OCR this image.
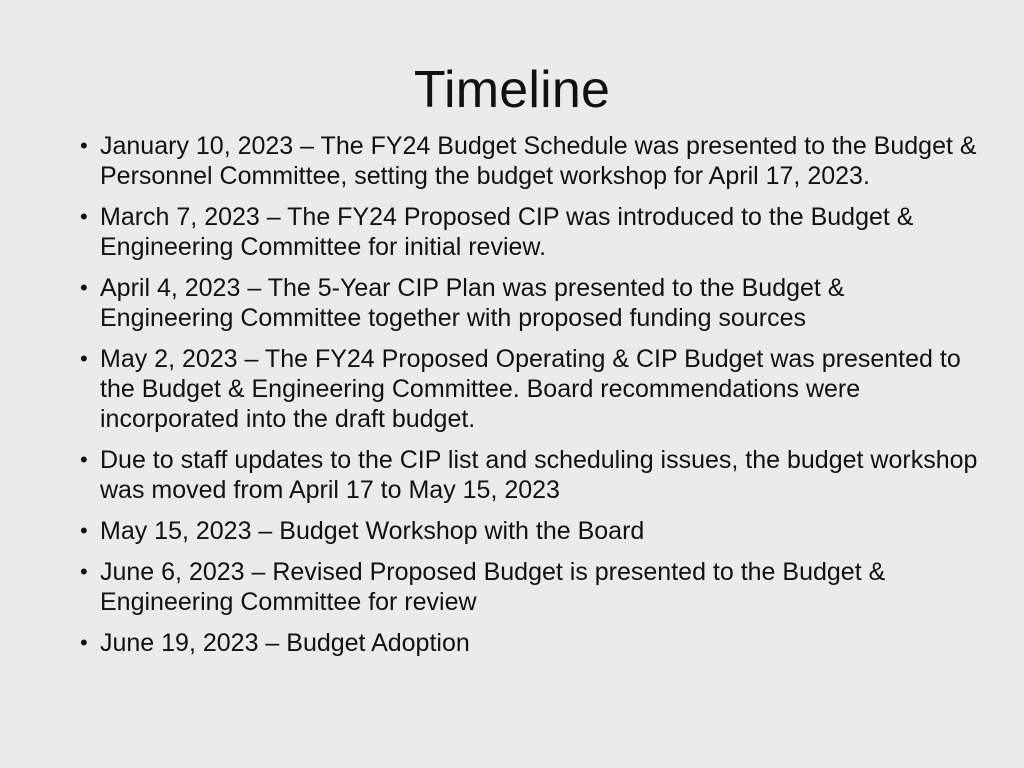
Timeline
• January 10, 2023 – The FY24 Budget Schedule was presented to the Budget & Personnel Committee, setting the budget workshop for April 17, 2023.
• March 7, 2023 – The FY24 Proposed CIP was introduced to the Budget & Engineering Committee for initial review.
• April 4, 2023 – The 5-Year CIP Plan was presented to the Budget & Engineering Committee together with proposed funding sources
• May 2, 2023 – The FY24 Proposed Operating & CIP Budget was presented to the Budget & Engineering Committee. Board recommendations were incorporated into the draft budget.
• Due to staff updates to the CIP list and scheduling issues, the budget workshop was moved from April 17 to May 15, 2023
• May 15, 2023 – Budget Workshop with the Board
• June 6, 2023 – Revised Proposed Budget is presented to the Budget & Engineering Committee for review
• June 19, 2023 – Budget Adoption
